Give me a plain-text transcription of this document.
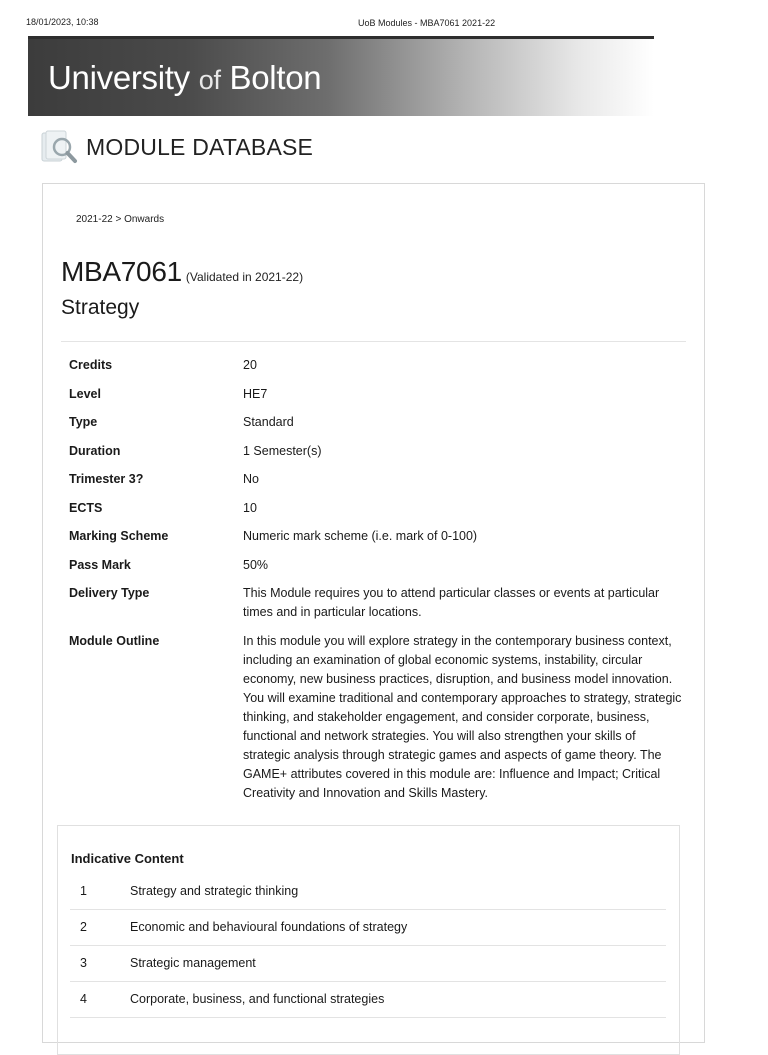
18/01/2023, 10:38	UoB Modules - MBA7061 2021-22
University of Bolton
MODULE DATABASE
2021-22 > Onwards
MBA7061 (Validated in 2021-22)
Strategy
Credits	20
Level	HE7
Type	Standard
Duration	1 Semester(s)
Trimester 3?	No
ECTS	10
Marking Scheme	Numeric mark scheme (i.e. mark of 0-100)
Pass Mark	50%
Delivery Type	This Module requires you to attend particular classes or events at particular times and in particular locations.
Module Outline	In this module you will explore strategy in the contemporary business context, including an examination of global economic systems, instability, circular economy, new business practices, disruption, and business model innovation. You will examine traditional and contemporary approaches to strategy, strategic thinking, and stakeholder engagement, and consider corporate, business, functional and network strategies. You will also strengthen your skills of strategic analysis through strategic games and aspects of game theory. The GAME+ attributes covered in this module are: Influence and Impact; Critical Creativity and Innovation and Skills Mastery.
Indicative Content
1	Strategy and strategic thinking
2	Economic and behavioural foundations of strategy
3	Strategic management
4	Corporate, business, and functional strategies
